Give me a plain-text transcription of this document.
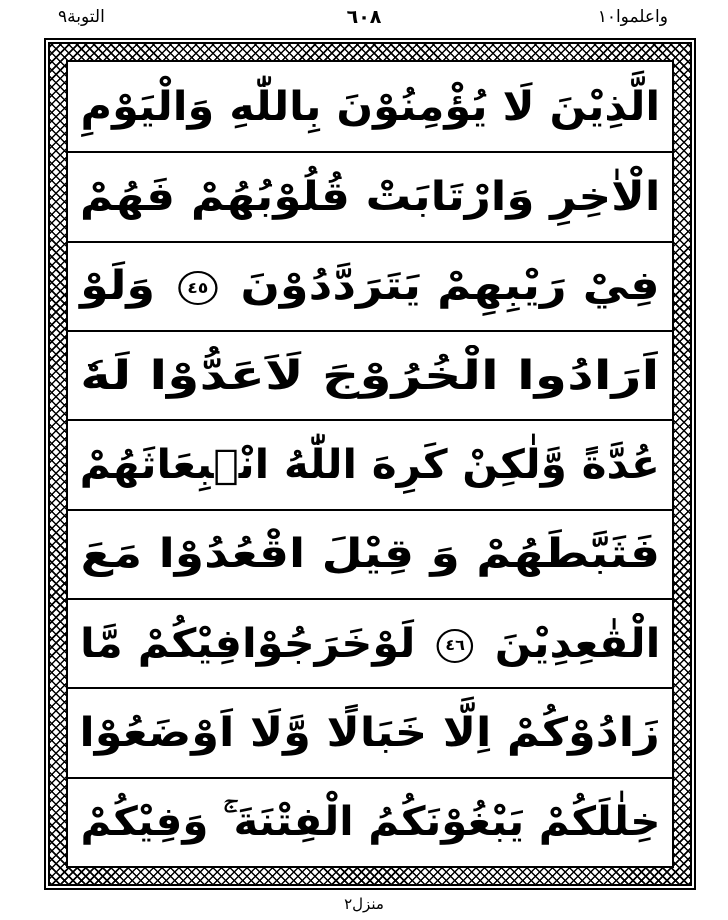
واعلموا١٠
٦٠٨
التوبة٩
الَّذِيْنَ لَا يُؤْمِنُوْنَ بِاللّٰهِ وَالْيَوْمِ
الْاٰخِرِ وَارْتَابَتْ قُلُوْبُهُمْ فَهُمْ
فِيْ رَيْبِهِمْ يَتَرَدَّدُوْنَ ٤٥ وَلَوْ
اَرَادُوا الْخُرُوْجَ لَاَعَدُّوْا لَهٗ
عُدَّةً وَّلٰكِنْ كَرِهَ اللّٰهُ انْۢبِعَاثَهُمْ
فَثَبَّطَهُمْ وَ قِيْلَ اقْعُدُوْا مَعَ
الْقٰعِدِيْنَ ٤٦ لَوْخَرَجُوْافِيْكُمْ مَّا
زَادُوْكُمْ اِلَّا خَبَالًا وَّلَا اَوْضَعُوْا
خِلٰلَكُمْ يَبْغُوْنَكُمُ الْفِتْنَةَ ۚ وَفِيْكُمْ
منزل٢
